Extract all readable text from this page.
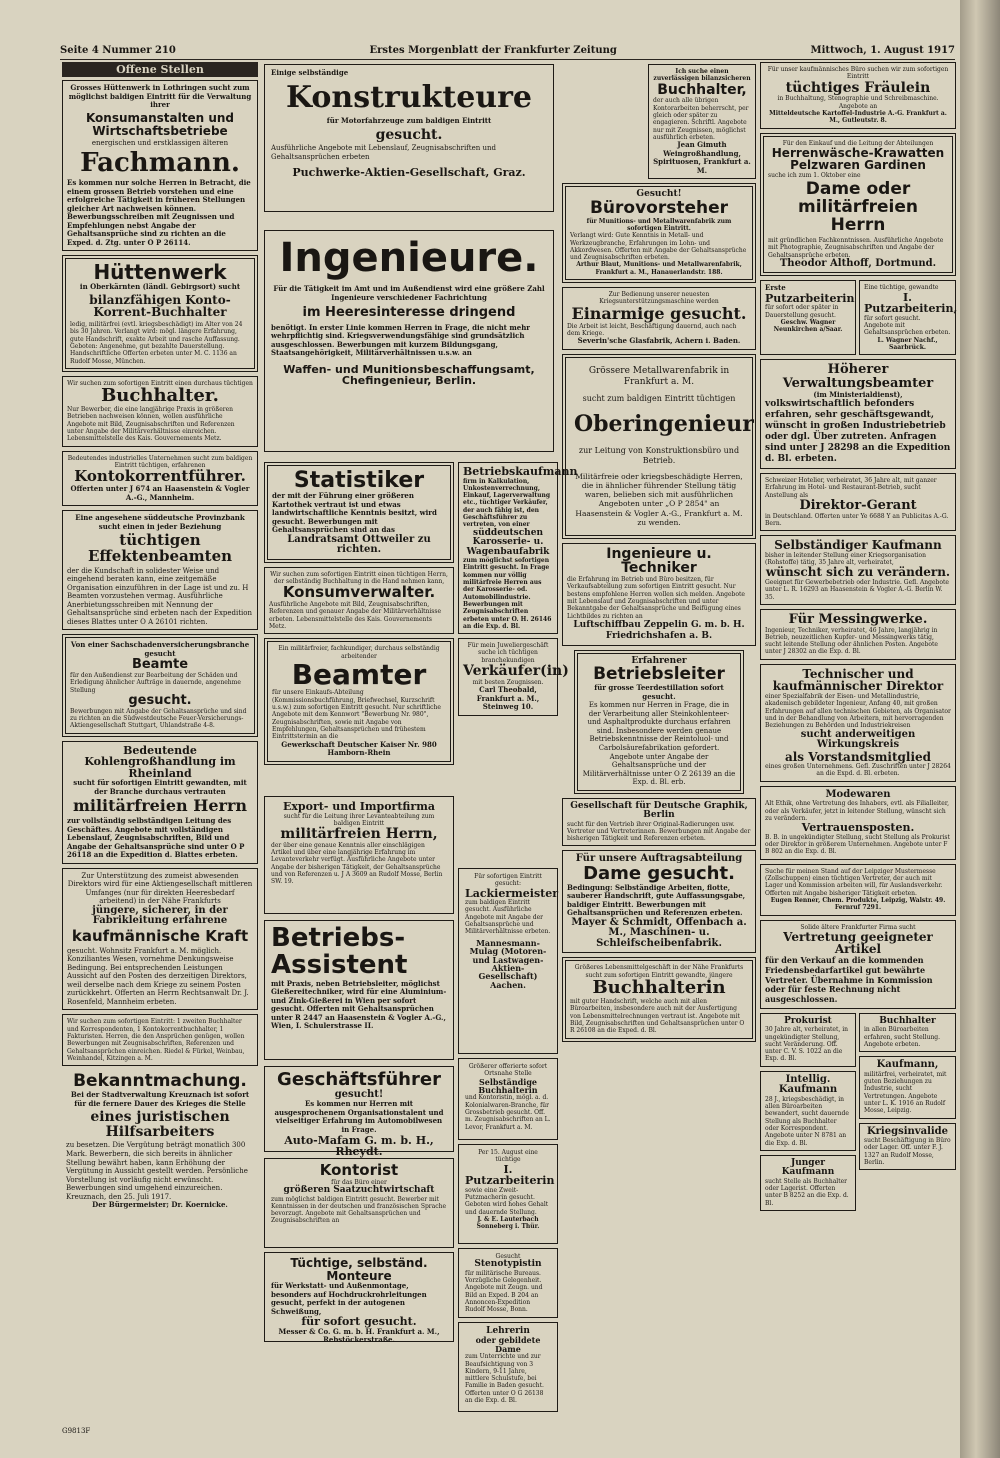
Seite 4 Nummer 210	Erstes Morgenblatt der Frankfurter Zeitung	Mittwoch, 1. August 1917
Offene Stellen
Grosses Hüttenwerk in Lothringen sucht zum möglichst baldigen Eintritt für die Verwaltung ihrer
Konsumanstalten und Wirtschaftsbetriebe
energischen und erstklassigen älteren
Fachmann.
Es kommen nur solche Herren in Betracht, die einem grossen Betrieb vorstehen und eine erfolgreiche Tätigkeit in früheren Stellungen gleicher Art nachweisen können. Bewerbungsschreiben mit Zeugnissen und Empfehlungen nebst Angabe der Gehaltsansprüche sind zu richten an die Exped. d. Ztg. unter O P 26114.
Hüttenwerk
in Oberkärnten (ländl. Gebirgsort) sucht
bilanzfähigen Konto-Korrent-Buchhalter
ledig, militärfrei (evtl. kriegsbeschädigt) im Alter von 24 bis 30 Jahren. Verlangt wird: mögl. längere Erfahrung, gute Handschrift, exakte Arbeit und rasche Auffassung. Geboten: Angenehme, gut bezahlte Dauerstellung. Handschriftliche Offerten erbeten unter M. C. 1136 an Rudolf Mosse, München.
Wir suchen zum sofortigen Eintritt einen durchaus tüchtigen
Buchhalter.
Nur Bewerber, die eine langjährige Praxis in größeren Betrieben nachweisen können, wollen ausführliche Angebote mit Bild, Zeugnisabschriften und Referenzen unter Angabe der Militärverhältnisse einreichen. Lebensmittelstelle des Kais. Gouvernements Metz.
Bedeutendes industrielles Unternehmen sucht zum baldigen Eintritt tüchtigen, erfahrenen
Kontokorrentführer.
Offerten unter J 674 an Haasenstein & Vogler A.-G., Mannheim.
Eine angesehene süddeutsche Provinzbank sucht einen in jeder Beziehung
tüchtigen Effektenbeamten
der die Kundschaft in solidester Weise und eingehend beraten kann, eine zeitgemäße Organisation einzuführen in der Lage ist und zu. H Beamten vorzustehen vermag. Ausführliche Anerbietungsschreiben mit Nennung der Gehaltsansprüche sind erbeten nach der Expedition dieses Blattes unter O A 26101 richten.
Von einer Sachschadenversicherungsbranche gesucht
Beamte
für den Außendienst zur Bearbeitung der Schäden und Erledigung ähnlicher Aufträge in dauernde, angenehme Stellung
gesucht.
Bewerbungen mit Angabe der Gehaltsansprüche und sind zu richten an die Südwestdeutsche Feuer-Versicherungs-Aktiengesellschaft Stuttgart, Uhlandstraße 4-8.
Bedeutende Kohlengroßhandlung im Rheinland
sucht für sofortigen Eintritt gewandten, mit der Branche durchaus vertrauten
militärfreien Herrn
zur vollständig selbständigen Leitung des Geschäftes. Angebote mit vollständigen Lebenslauf, Zeugnisabschriften, Bild und Angabe der Gehaltsansprüche sind unter O P 26118 an die Expedition d. Blattes erbeten.
Zur Unterstützung des zumeist abwesenden Direktors wird für eine Aktiengesellschaft mittleren Umfanges (nur für direkten Heeresbedarf arbeitend) in der Nähe Frankfurts
jüngere, sicherer, in der Fabrikleitung erfahrene
kaufmännische Kraft
gesucht. Wohnsitz Frankfurt a. M. möglich. Konziliantes Wesen, vornehme Denkungsweise Bedingung. Bei entsprechenden Leistungen Aussicht auf den Posten des derzeitigen Direktors, weil derselbe nach dem Kriege zu seinem Posten zurückkehrt. Offerten an Herrn Rechtsanwalt Dr. J. Rosenfeld, Mannheim erbeten.
Wir suchen zum sofortigen Eintritt: 1 zweiten Buchhalter und Korrespondenten, 1 Kontokorrentbuchhalter, 1 Fakturisten. Herren, die den Ansprüchen genügen, wollen Bewerbungen mit Zeugnisabschriften, Referenzen und Gehaltsansprüchen einreichen. Riedel & Fürkel, Weinbau, Weinhandel, Kitzingen a. M.
Bekanntmachung.
Bei der Stadtverwaltung Kreuznach ist sofort für die fernere Dauer des Krieges die Stelle
eines juristischen Hilfsarbeiters
zu besetzen. Die Vergütung beträgt monatlich 300 Mark. Bewerbern, die sich bereits in ähnlicher Stellung bewährt haben, kann Erhöhung der Vergütung in Aussicht gestellt werden. Persönliche Vorstellung ist vorläufig nicht erwünscht. Bewerbungen sind umgehend einzureichen.
Kreuznach, den 25. Juli 1917.
Der Bürgermeister; Dr. Koernicke.
Einige selbständige
Konstrukteure
für Motorfahrzeuge zum baldigen Eintritt
gesucht.
Ausführliche Angebote mit Lebenslauf, Zeugnisabschriften und Gehaltsansprüchen erbeten
Puchwerke-Aktien-Gesellschaft, Graz.
Ingenieure.
Für die Tätigkeit im Amt und im Außendienst wird eine größere Zahl Ingenieure verschiedener Fachrichtung
im Heeresinteresse dringend
benötigt. In erster Linie kommen Herren in Frage, die nicht mehr wehrpflichtig sind. Kriegsverwendungsfähige sind grundsätzlich ausgeschlossen. Bewerbungen mit kurzem Bildungsgang, Staatsangehörigkeit, Militärverhältnissen u.s.w. an
Waffen- und Munitionsbeschaffungsamt, Chefingenieur, Berlin.
Statistiker
der mit der Führung einer größeren Kartothek vertraut ist und etwas landwirtschaftliche Kenntnis besitzt, wird gesucht. Bewerbungen mit Gehaltsansprüchen sind an das
Landratsamt Ottweiler zu richten.
Wir suchen zum sofortigen Eintritt einen tüchtigen Herrn, der selbständig Buchhaltung in die Hand nehmen kann,
Konsumverwalter.
Ausführliche Angebote mit Bild, Zeugnisabschriften, Referenzen und genauer Angabe der Militärverhältnisse erbeten. Lebensmittelstelle des Kais. Gouvernements Metz.
Ein militärfreier, fachkundiger, durchaus selbständig arbeitender
Beamter
für unsere Einkaufs-Abteilung (Kommissionsbuchführung, Briefwechsel, Kurzschrift u.s.w.) zum sofortigen Eintritt gesucht. Nur schriftliche Angebote mit dem Kennwort "Bewerbung Nr. 980", Zeugnisabschriften, sowie mit Angabe von Empfehlungen, Gehaltsansprüchen und frühestem Eintrittstermin an die
Gewerkschaft Deutscher Kaiser Nr. 980 Hamborn-Rhein
Betriebskaufmann
firm in Kalkulation, Unkostenverrechnung, Einkauf, Lagerverwaltung etc., tüchtiger Verkäufer, der auch fähig ist, den Geschäftsführer zu vertreten, von einer
süddeutschen Karosserie- u. Wagenbaufabrik
zum möglichst sofortigen Eintritt gesucht. In Frage kommen nur völlig militärfreie Herren aus der Karosserie- od. Automobilindustrie. Bewerbungen mit Zeugnisabschriften erbeten unter O. H. 26146 an die Exp. d. Bl.
Für mein Juweliergeschäft suche ich tüchtigen branchekundigen
Verkäufer(in)
mit besten Zeugnissen.
Carl Theobald, Frankfurt a. M., Steinweg 10.
Export- und Importfirma
sucht für die Leitung ihrer Levanteabteilung zum baldigen Eintritt
militärfreien Herrn,
der über eine genaue Kenntnis aller einschlägigen Artikel und über eine langjährige Erfahrung im Levanteverkehr verfügt. Ausführliche Angebote unter Angabe der bisherigen Tätigkeit, der Gehaltsansprüche und von Referenzen u. J A 3609 an Rudolf Mosse, Berlin SW. 19.
Für sofortigen Eintritt gesucht:
Lackiermeister
zum baldigen Eintritt gesucht. Ausführliche Angebote mit Angabe der Gehaltsansprüche und Militärverhältnisse erbeten.
Mannesmann-Mulag (Motoren- und Lastwagen-Aktien-Gesellschaft) Aachen.
Betriebs-Assistent
mit Praxis, neben Betriebsleiter, möglichst Gießereitechniker, wird für eine Aluminium- und Zink-Gießerei in Wien per sofort gesucht. Offerten mit Gehaltsansprüchen unter R 2447 an Haasenstein & Vogler A.-G., Wien, I. Schulerstrasse II.
Größerer offerierte sofort Ortsnahe Stelle
Selbständige Buchhalterin
und Kontoristin, mögl. a. d. Kolonialwaren-Branche, für Grossbetrieb gesucht. Off. m. Zeugnisabschriften an L. Levor, Frankfurt a. M.
Geschäftsführer
gesucht!
Es kommen nur Herren mit ausgesprochenem Organisationstalent und vielseitiger Erfahrung im Automobilwesen in Frage.
Auto-Mafam G. m. b. H., Rheydt.	Per 15. August eine tüchtige
I. Putzarbeiterin
sowie eine Zweit-Putzmacherin gesucht. Geboten wird hohes Gehalt und dauernde Stellung.
J. & E. Lauterbach Sonneberg i. Thür.
Kontorist
für das Büro einer
größeren Saatzuchtwirtschaft
zum möglichst baldigen Eintritt gesucht. Bewerber mit Kenntnissen in der deutschen und französischen Sprache bevorzugt. Angebote mit Gehaltsansprüchen und Zeugnisabschriften an
Gesucht
Stenotypistin
für militärische Bureaus. Vorzügliche Gelegenheit. Angebote mit Zeugn. und Bild an Exped. B 204 an Annoncen-Expedition Rudolf Mosse, Bonn.
Tüchtige, selbständ. Monteure
für Werkstatt- und Außenmontage, besonders auf Hochdruckrohrleitungen gesucht, perfekt in der autogenen Schweißung,
für sofort gesucht.
Messer & Co. G. m. b. H. Frankfurt a. M., Rebstöckerstraße.
Lehrerin
oder gebildete Dame
zum Unterrichte und zur Beaufsichtigung von 3 Kindern, 9-11 Jahre, mittlere Schulstufe, bei Familie in Baden gesucht. Offerten unter O G 26138 an die Exp. d. Bl.
Ich suche einen zuverlässigen bilanzsicheren
Buchhalter,
der auch alle übrigen Kontorarbeiten beherrscht, per gleich oder später zu engagieren. Schriftl. Angebote nur mit Zeugnissen, möglichst ausführlich erbeten.
Jean Gimuth Weingroßhandlung, Spirituosen, Frankfurt a. M.
Gesucht!
Bürovorsteher
für Munitions- und Metallwarenfabrik zum sofortigen Eintritt.
Verlangt wird: Gute Kenntnis in Metall- und Werkzeugbranche, Erfahrungen im Lohn- und Akkordwesen. Offerten mit Angabe der Gehaltsansprüche und Zeugnisabschriften erbeten.
Arthur Blaut, Munitions- und Metallwarenfabrik, Frankfurt a. M., Hanauerlandstr. 188.
Zur Bedienung unserer neuesten Kriegsunterstützungsmaschine werden
Einarmige gesucht.
Die Arbeit ist leicht, Beschäftigung dauernd, auch nach dem Kriege.
Severin'sche Glasfabrik, Achern i. Baden.
Grössere Metallwarenfabrik in Frankfurt a. M.
sucht zum baldigen Eintritt tüchtigen
Oberingenieur
zur Leitung von Konstruktionsbüro und Betrieb.
Militärfreie oder kriegsbeschädigte Herren, die in ähnlicher führender Stellung tätig waren, belieben sich mit ausführlichen Angeboten unter „O P 2854" an Haasenstein & Vogler A.-G., Frankfurt a. M. zu wenden.
Ingenieure u. Techniker
die Erfahrung im Betrieb und Büro besitzen, für Verkaufsabteilung zum sofortigen Eintritt gesucht. Nur bestens empfohlene Herren wollen sich melden. Angebote mit Lebenslauf und Zeugnisabschriften und unter Bekanntgabe der Gehaltsansprüche und Beifügung eines Lichtbildes zu richten an
Luftschiffbau Zeppelin G. m. b. H. Friedrichshafen a. B.
Erfahrener
Betriebsleiter
für grosse Teerdestillation sofort gesucht.
Es kommen nur Herren in Frage, die in der Verarbeitung aller Steinkohlenteer- und Asphaltprodukte durchaus erfahren sind. Insbesondere werden genaue Betriebskenntnisse der Reintoluol- und Carbolsäurefabrikation gefordert. Angebote unter Angabe der Gehaltsansprüche und der Militärverhältnisse unter O Z 26139 an die Exp. d. Bl. erb.
Gesellschaft für Deutsche Graphik, Berlin
sucht für den Vertrieb ihrer Original-Radierungen usw. Vertreter und Vertreterinnen. Bewerbungen mit Angabe der bisherigen Tätigkeit und Referenzen erbeten.
Für unsere Auftragsabteilung
Dame gesucht.
Bedingung: Selbständige Arbeiten, flotte, sauberer Handschrift, gute Auffassungsgabe, baldiger Eintritt. Bewerbungen mit Gehaltsansprüchen und Referenzen erbeten.
Mayer & Schmidt, Offenbach a. M., Maschinen- u. Schleifscheibenfabrik.
Größeres Lebensmittelgeschäft in der Nähe Frankfurts sucht zum sofortigen Eintritt gewandte, jüngere
Buchhalterin
mit guter Handschrift, welche auch mit allen Büroarbeiten, insbesondere auch mit der Ausfertigung von Lebensmittelrechnungen vertraut ist. Angebote mit Bild, Zeugnisabschriften und Gehaltsansprüchen unter O R 26108 an die Exped. d. Bl.
Für unser kaufmännisches Büro suchen wir zum sofortigen Eintritt
tüchtiges Fräulein
in Buchhaltung, Stenographie und Schreibmaschine. Angebote an
Mitteldeutsche Kartoffel-Industrie A.-G. Frankfurt a. M., Gutleutstr. 8.
Für den Einkauf und die Leitung der Abteilungen
Herrenwäsche-Krawatten Pelzwaren Gardinen
suche ich zum 1. Oktober eine
Dame oder militärfreien Herrn
mit gründlichen Fachkenntnissen. Ausführliche Angebote mit Photographie, Zeugnisabschriften und Angabe der Gehaltsansprüche erbeten.
Theodor Althoff, Dortmund.
Erste
Putzarbeiterin
für sofort oder später in Dauerstellung gesucht.
Geschw. Wagner Neunkirchen a/Saar.
Eine tüchtige, gewandte
I. Putzarbeiterin,
für sofort gesucht. Angebote mit Gehaltsansprüchen erbeten.
L. Wagner Nachf., Saarbrück.
Höherer Verwaltungsbeamter
(im Ministerialdienst),
volkswirtschaftlich befonders erfahren, sehr geschäftsgewandt, wünscht in großen Industriebetrieb oder dgl. Über zutreten. Anfragen sind unter J 28298 an die Expedition d. Bl. erbeten.
Schweizer Hotelier, verheiratet, 36 Jahre alt, mit ganzer Erfahrung im Hotel- und Restaurant-Betrieb, sucht Anstellung als
Direktor-Gerant
in Deutschland. Offerten unter Ye 6688 Y an Publicitas A.-G. Bern.
Selbständiger Kaufmann
bisher in leitender Stellung einer Kriegsorganisation (Rohstoffe) tätig, 35 Jahre alt, verheiratet,
wünscht sich zu verändern.
Geeignet für Gewerbebetrieb oder Industrie. Gefl. Angebote unter L. R. 16293 an Haasenstein & Vogler A.-G. Berlin W. 35.
Für Messingwerke.
Ingenieur, Techniker, verheiratet, 46 Jahre, langjährig in Betrieb, neuzeitlichen Kupfer- und Messingwerks tätig, sucht leitende Stellung oder ähnlichen Posten. Angebote unter J 28302 an die Exp. d. Bl.
Technischer und kaufmännischer Direktor
einer Spezialfabrik der Eisen- und Metallindustrie, akademisch gebildeter Ingenieur, Anfang 40, mit großen Erfahrungen auf allen technischen Gebieten, als Organisator und in der Behandlung von Arbeitern, mit hervorragenden Beziehungen zu Behörden und Industriekreisen
sucht anderweitigen Wirkungskreis
als Vorstandsmitglied
eines großen Unternehmens. Gefl. Zuschriften unter J 28264 an die Expd. d. Bl. erbeten.
Modewaren
Alt Ethik, ohne Vertretung des Inhabers, evtl. als Filialleiter, oder als Verkäufer, jetzt in leitender Stellung, wünscht sich zu verändern.
Vertrauensposten.
B. B. in ungekündigter Stellung, sucht Stellung als Prokurist oder Direktor in größerem Unternehmen. Angebote unter F B 802 an die Exp. d. Bl.
Suche für meinen Stand auf der Leipziger Mustermesse (Zollschuppen) einen tüchtigen Vertreter, der auch mit Lager und Kommission arbeiten will, für Auslandsverkehr. Offerten mit Angabe bisheriger Tätigkeit erbeten.
Eugen Renner, Chem. Produkte, Leipzig, Walstr. 49. Fernruf 7291.
Solide ältere Frankfurter Firma sucht
Vertretung geeigneter Artikel
für den Verkauf an die kommenden Friedensbedarfartikel gut bewährte Vertreter. Übernahme in Kommission oder für feste Rechnung nicht ausgeschlossen.
Prokurist
30 Jahre alt, verheiratet, in ungekündigter Stellung, sucht Veränderung. Off. unter C. V. S. 1022 an die Exp. d. Bl.
Intellig. Kaufmann
28 J., kriegsbeschädigt, in allen Büroarbeiten bewandert, sucht dauernde Stellung als Buchhalter oder Korrespondent. Angebote unter N 8781 an die Exp. d. Bl.
Junger Kaufmann
sucht Stelle als Buchhalter oder Lagerist. Offerten unter B 8252 an die Exp. d. Bl.
Buchhalter
in allen Büroarbeiten erfahren, sucht Stellung. Angebote erbeten.
Kaufmann,
militärfrei, verheiratet, mit guten Beziehungen zu Industrie, sucht Vertretungen. Angebote unter L. K. 1916 an Rudolf Mosse, Leipzig.
Kriegsinvalide
sucht Beschäftigung in Büro oder Lager. Off. unter F. J. 1327 an Rudolf Mosse, Berlin.
G9813F
